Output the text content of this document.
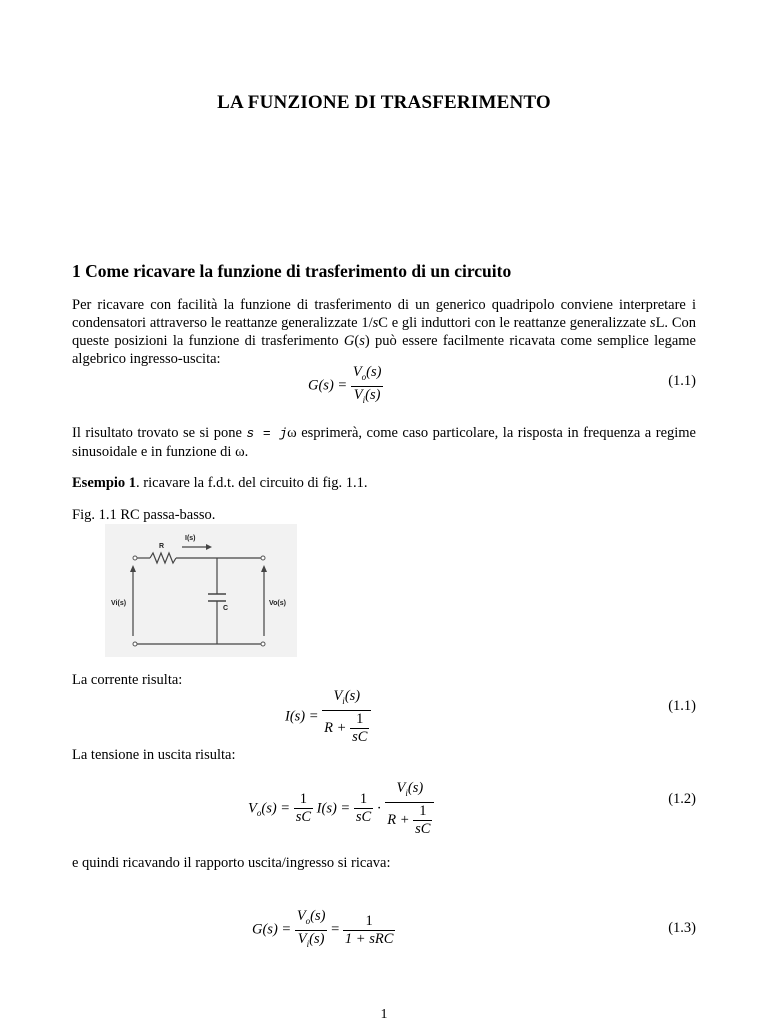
LA FUNZIONE DI TRASFERIMENTO
1 Come ricavare la funzione di trasferimento di un circuito
Per ricavare con facilità la funzione di trasferimento di un generico quadripolo conviene interpretare i condensatori attraverso le reattanze generalizzate 1/sC e gli induttori con le reattanze generalizzate sL. Con queste posizioni la funzione di trasferimento G(s) può essere facilmente ricavata come semplice legame algebrico ingresso-uscita:
$G(s) = \frac{V_o(s)}{V_i(s)}$	(1.1)
Il risultato trovato se si pone s = jω esprimerà, come caso particolare, la risposta in frequenza a regime sinusoidale e in funzione di ω.
Esempio 1. ricavare la f.d.t. del circuito di fig. 1.1.
Fig. 1.1 RC passa-basso.
R
I(s)
C
Vi(s)	Vo(s)
La corrente risulta:
$I(s) = \frac{V_i(s)}{R + \frac{1}{sC}}$	(1.1)
La tensione in uscita risulta:
$V_o(s) = \frac{1}{sC} I(s) = \frac{1}{sC} \cdot \frac{V_i(s)}{R + \frac{1}{sC}}$	(1.2)
e quindi ricavando il rapporto uscita/ingresso si ricava:
$G(s) = \frac{V_o(s)}{V_i(s)} = \frac{1}{\text{1 + sRC}}$	(1.3)
1
